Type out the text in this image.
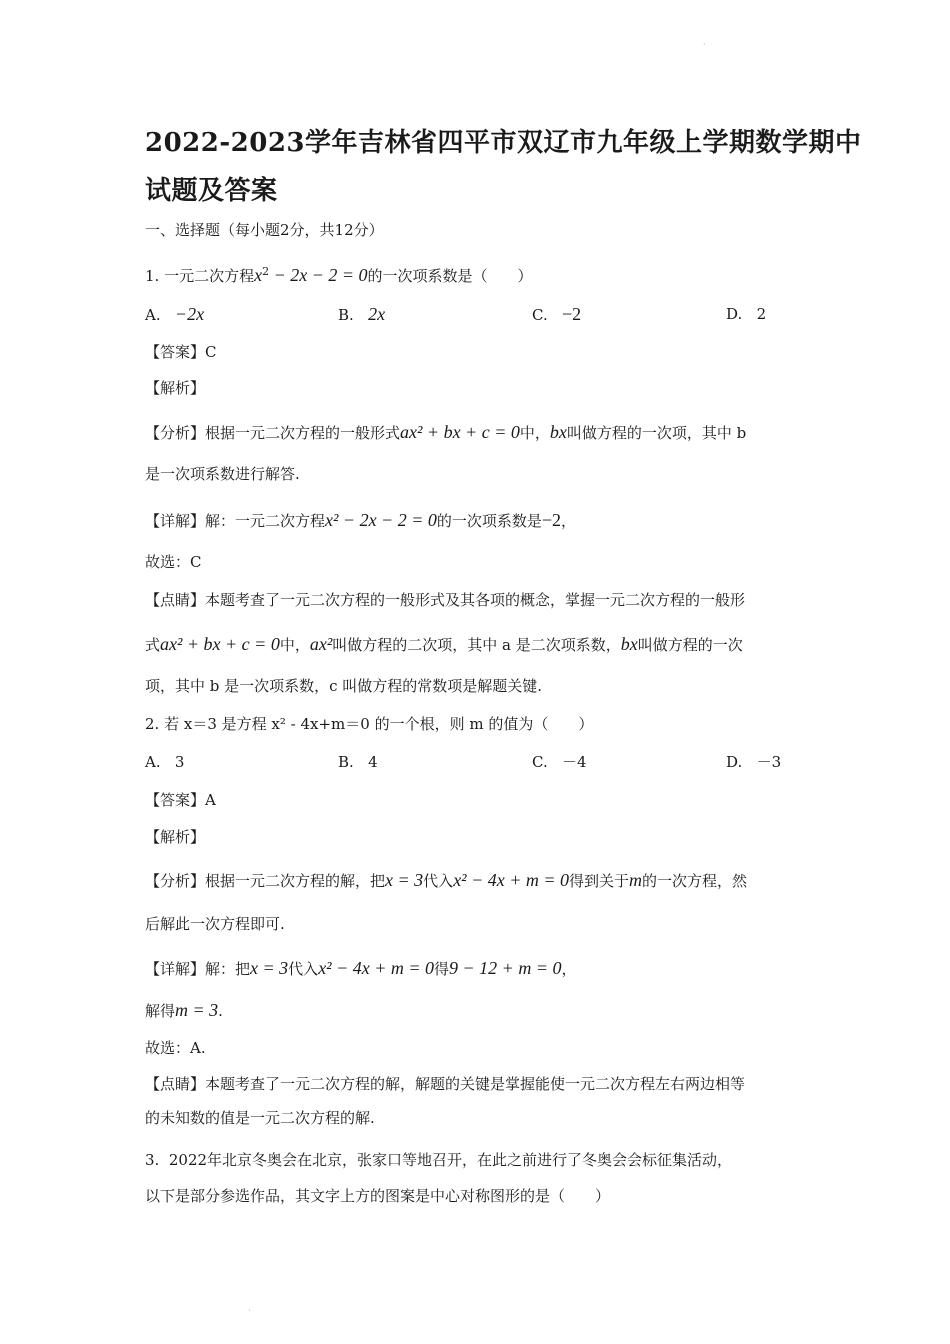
·
2022-2023学年吉林省四平市双辽市九年级上学期数学期中
试题及答案
一、选择题（每小题2分，共12分）
1. 一元二次方程$x^2 - 2x - 2 = 0$的一次项系数是（　　）
A. −2x	B. 2x	C. −2	D. 2
【答案】C
【解析】
【分析】根据一元二次方程的一般形式ax² + bx + c = 0中，bx叫做方程的一次项，其中 b
是一次项系数进行解答.
【详解】解：一元二次方程x² − 2x − 2 = 0的一次项系数是−2，
故选：C
【点睛】本题考查了一元二次方程的一般形式及其各项的概念，掌握一元二次方程的一般形
式ax² + bx + c = 0中，ax²叫做方程的二次项，其中 a 是二次项系数，bx叫做方程的一次
项，其中 b 是一次项系数，c 叫做方程的常数项是解题关键.
2. 若 x＝3 是方程 x² - 4x+m＝0 的一个根，则 m 的值为（　　）
A. 3	B. 4	C. －4	D. －3
【答案】A
【解析】
【分析】根据一元二次方程的解，把x = 3代入x² − 4x + m = 0得到关于m的一次方程，然
后解此一次方程即可.
【详解】解：把x = 3代入x² − 4x + m = 0得9 − 12 + m = 0，
解得m = 3.
故选：A.
【点睛】本题考查了一元二次方程的解，解题的关键是掌握能使一元二次方程左右两边相等
的未知数的值是一元二次方程的解.
3. 2022年北京冬奥会在北京，张家口等地召开，在此之前进行了冬奥会会标征集活动，
以下是部分参选作品，其文字上方的图案是中心对称图形的是（　　）
·
